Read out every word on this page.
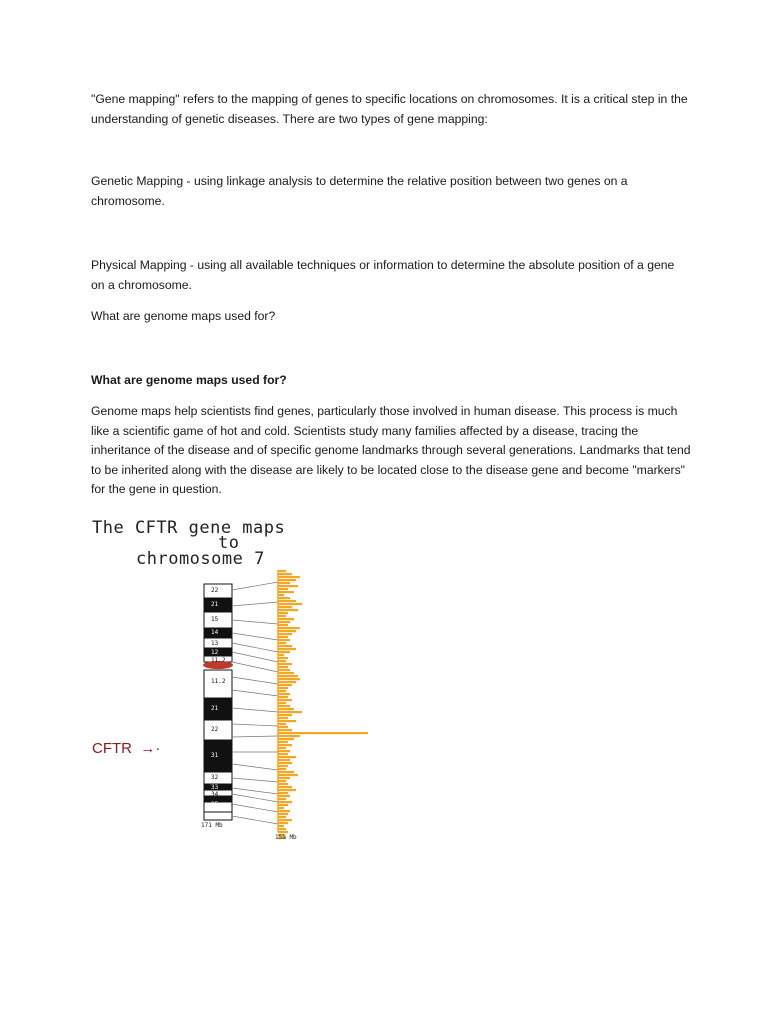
"Gene mapping" refers to the mapping of genes to specific locations on chromosomes. It is a critical step in the understanding of genetic diseases. There are two types of gene mapping:

Genetic Mapping - using linkage analysis to determine the relative position between two genes on a chromosome.

Physical Mapping - using all available techniques or information to determine the absolute position of a gene on a chromosome.

What are genome maps used for?

What are genome maps used for?

Genome maps help scientists find genes, particularly those involved in human disease. This process is much like a scientific game of hot and cold. Scientists study many families affected by a disease, tracing the inheritance of the disease and of specific genome landmarks through several generations. Landmarks that tend to be inherited along with the disease are likely to be located close to the disease gene and become "markers" for the gene in question.

The CFTR gene maps
to
chromosome 7
CFTR  →·
22
21
15
14
13
12
11.2
11.2
21
22
31
32
33
34
35
171 Mb
159 Mb
